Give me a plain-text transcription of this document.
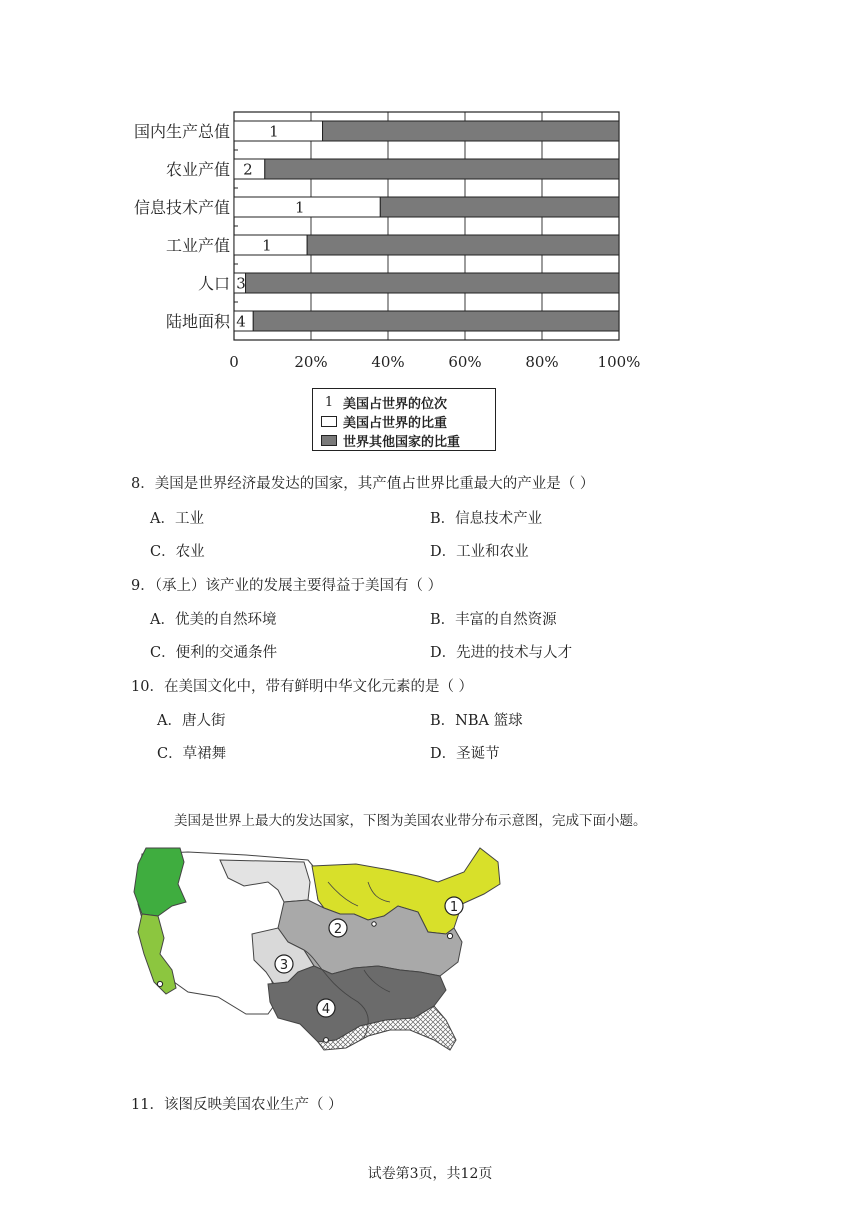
国内生产总值	1
农业产值 2
信息技术产值	1
工业产值 1
人口 3
陆地面积 4
0	20%	40%	60%	80%	100%
1 美国占世界的位次
美国占世界的比重
世界其他国家的比重
8．美国是世界经济最发达的国家，其产值占世界比重最大的产业是（ ）
A．工业	B．信息技术产业
C．农业	D．工业和农业
9．（承上）该产业的发展主要得益于美国有（ ）
A．优美的自然环境	B．丰富的自然资源
C．便利的交通条件	D．先进的技术与人才
10．在美国文化中，带有鲜明中华文化元素的是（ ）
A．唐人街	B．NBA 篮球
C．草裙舞	D．圣诞节
美国是世界上最大的发达国家，下图为美国农业带分布示意图，完成下面小题。
1
2
3
4
11．该图反映美国农业生产（ ）
试卷第3页，共12页
